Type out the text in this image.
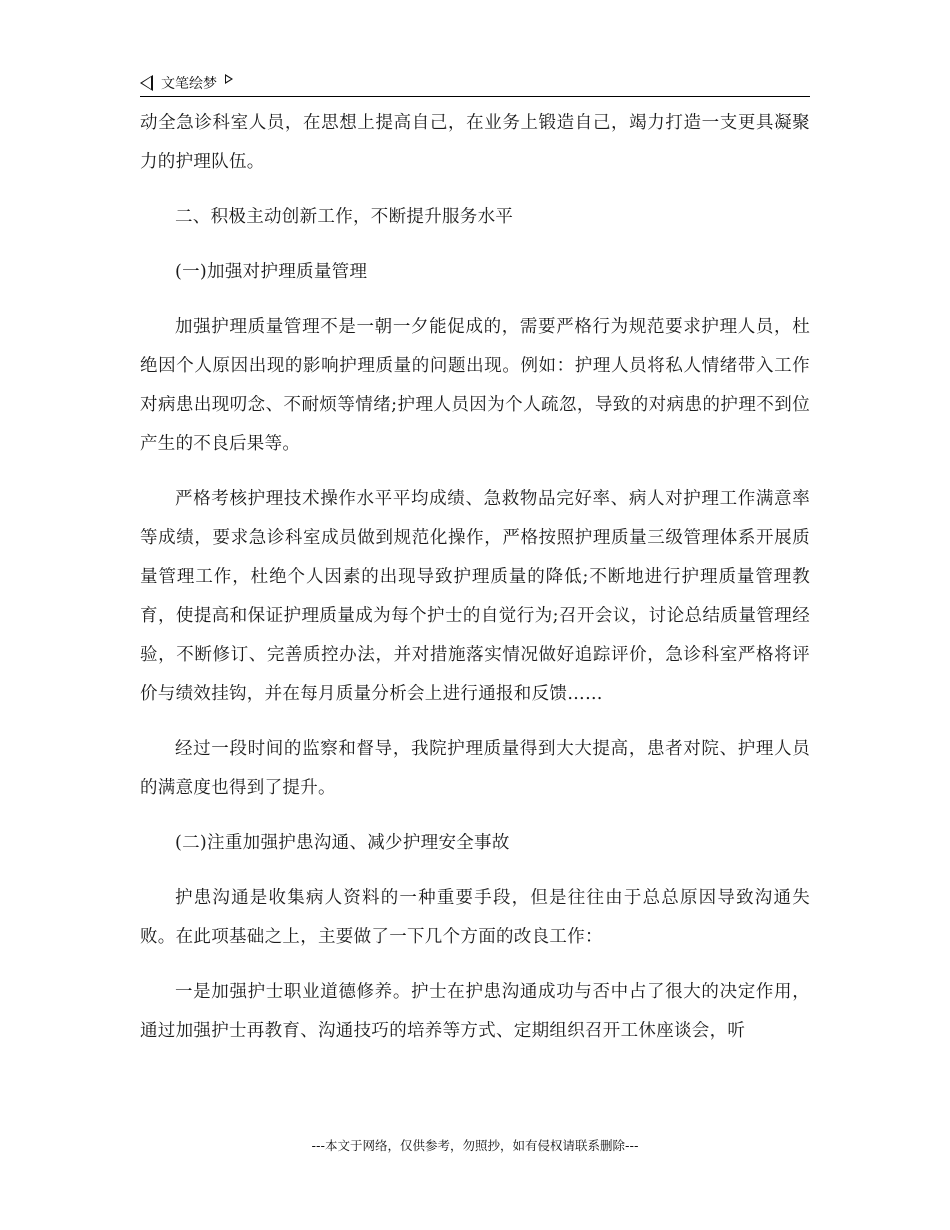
文笔绘梦

动全急诊科室人员，在思想上提高自己，在业务上锻造自己，竭力打造一支更具凝聚力的护理队伍。

二、积极主动创新工作，不断提升服务水平

(一)加强对护理质量管理

加强护理质量管理不是一朝一夕能促成的，需要严格行为规范要求护理人员，杜绝因个人原因出现的影响护理质量的问题出现。例如：护理人员将私人情绪带入工作对病患出现叨念、不耐烦等情绪;护理人员因为个人疏忽，导致的对病患的护理不到位产生的不良后果等。

严格考核护理技术操作水平平均成绩、急救物品完好率、病人对护理工作满意率等成绩，要求急诊科室成员做到规范化操作，严格按照护理质量三级管理体系开展质量管理工作，杜绝个人因素的出现导致护理质量的降低;不断地进行护理质量管理教育，使提高和保证护理质量成为每个护士的自觉行为;召开会议，讨论总结质量管理经验，不断修订、完善质控办法，并对措施落实情况做好追踪评价，急诊科室严格将评价与绩效挂钩，并在每月质量分析会上进行通报和反馈……

经过一段时间的监察和督导，我院护理质量得到大大提高，患者对院、护理人员的满意度也得到了提升。

(二)注重加强护患沟通、减少护理安全事故

护患沟通是收集病人资料的一种重要手段，但是往往由于总总原因导致沟通失败。在此项基础之上，主要做了一下几个方面的改良工作：

一是加强护士职业道德修养。护士在护患沟通成功与否中占了很大的决定作用，通过加强护士再教育、沟通技巧的培养等方式、定期组织召开工休座谈会，听

---本文于网络，仅供参考，勿照抄，如有侵权请联系删除---
